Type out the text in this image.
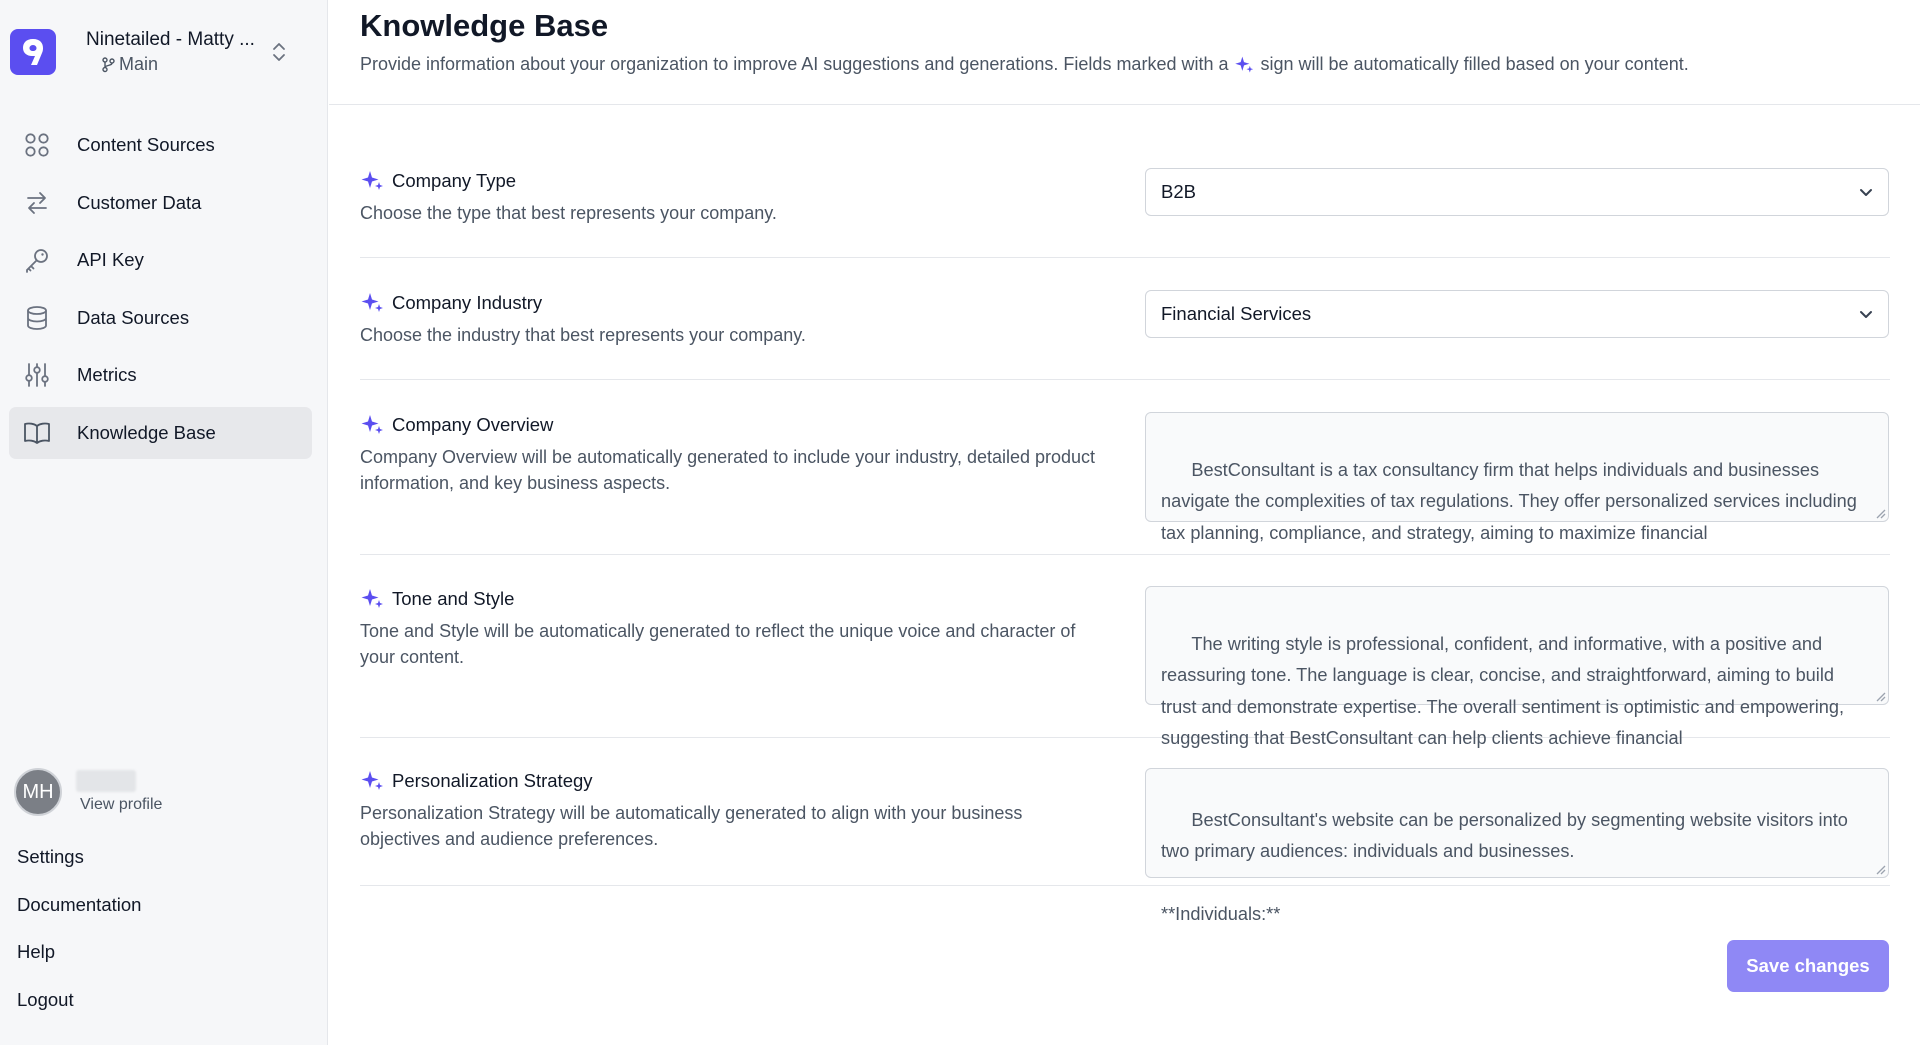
Ninetailed - Matty ...
Main
Content Sources
Customer Data
API Key
Data Sources
Metrics
Knowledge Base
MH
View profile
Settings
Documentation
Help
Logout
Knowledge Base

Provide information about your organization to improve AI suggestions and generations. Fields marked with a sign will be automatically filled based on your content.

Company Type
Choose the type that best represents your company.
B2B
Company Industry
Choose the industry that best represents your company.
Financial Services
Company Overview
Company Overview will be automatically generated to include your industry, detailed product information, and key business aspects.

BestConsultant is a tax consultancy firm that helps individuals and businesses navigate the complexities of tax regulations. They offer personalized services including tax planning, compliance, and strategy, aiming to maximize financial

Tone and Style
Tone and Style will be automatically generated to reflect the unique voice and character of your content.

The writing style is professional, confident, and informative, with a positive and reassuring tone. The language is clear, concise, and straightforward, aiming to build trust and demonstrate expertise. The overall sentiment is optimistic and empowering, suggesting that BestConsultant can help clients achieve financial

Personalization Strategy
Personalization Strategy will be automatically generated to align with your business objectives and audience preferences.

BestConsultant's website can be personalized by segmenting website visitors into two primary audiences: individuals and businesses.

**Individuals:**

Save changes
